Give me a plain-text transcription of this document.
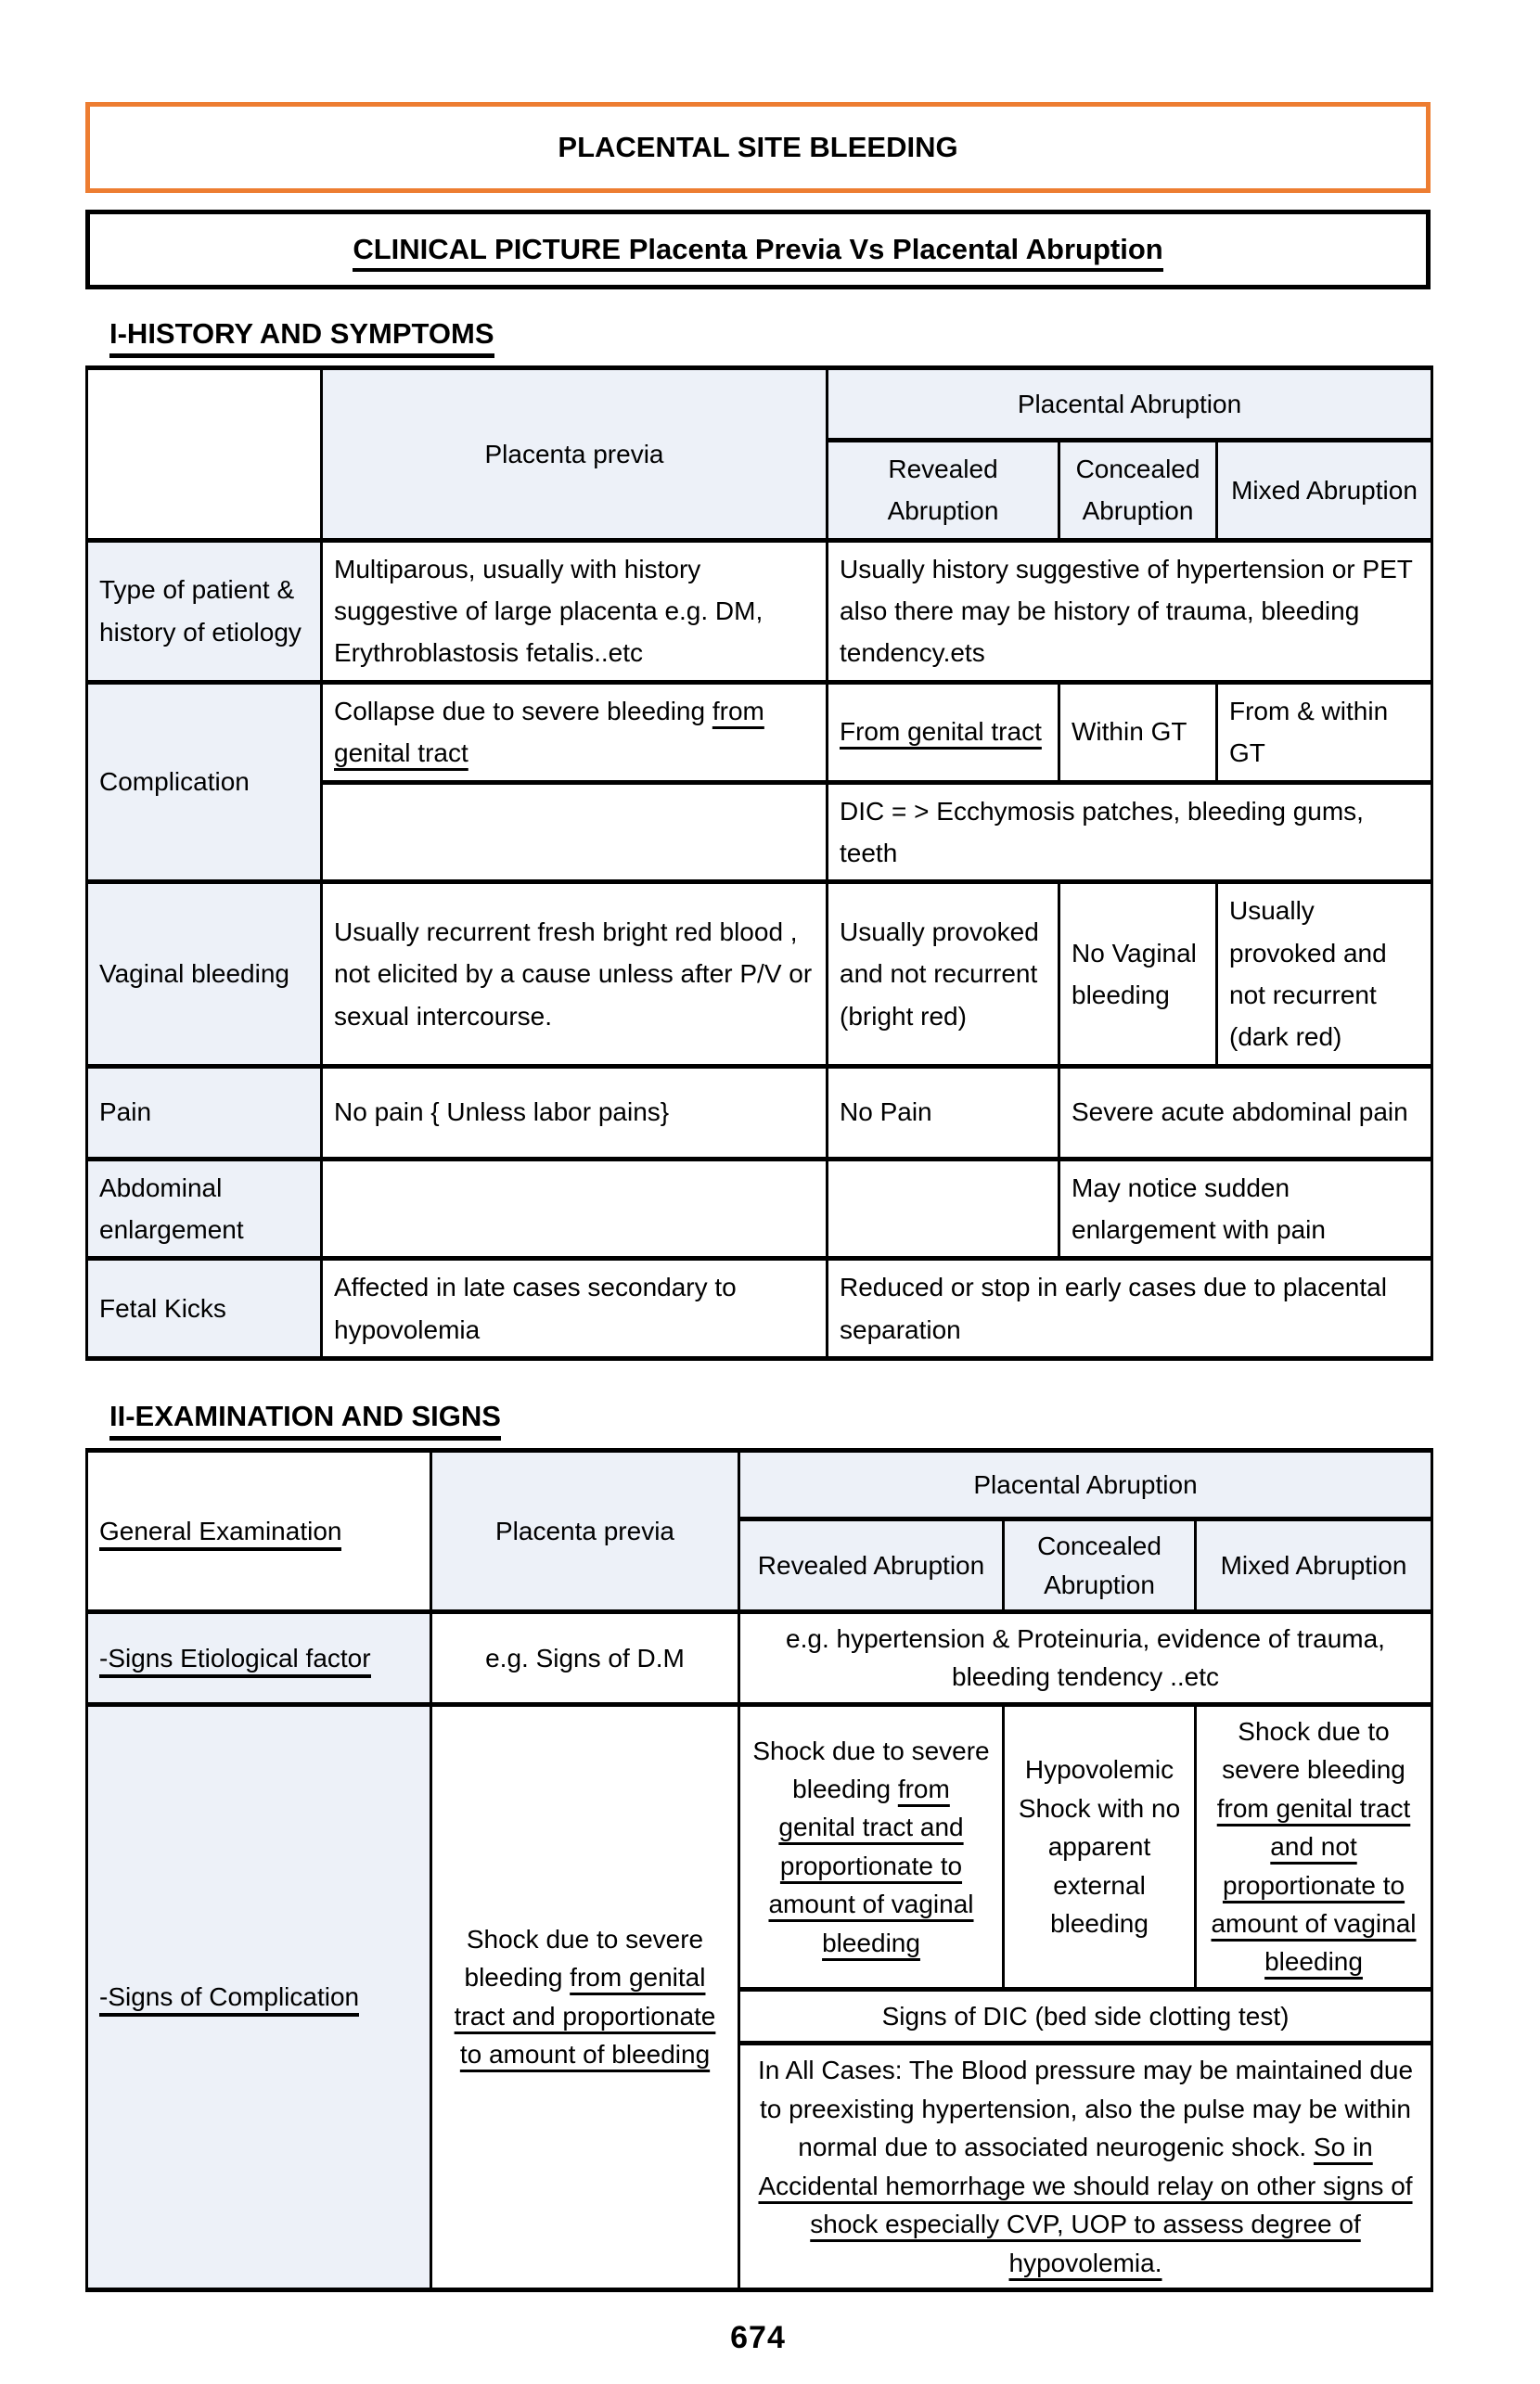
PLACENTAL SITE BLEEDING
CLINICAL PICTURE Placenta Previa Vs Placental Abruption
I-HISTORY AND SYMPTOMS
	Placenta previa	Placental Abruption		
		Revealed Abruption	Concealed Abruption	Mixed Abruption
Type of patient & history of etiology	Multiparous, usually with history suggestive of large placenta e.g. DM, Erythroblastosis fetalis..etc	Usually history suggestive of hypertension or PET also there may be history of trauma, bleeding tendency.ets		
Complication	Collapse due to severe bleeding from genital tract	From genital tract	Within GT	From & within GT
		DIC = > Ecchymosis patches, bleeding gums, teeth		
Vaginal bleeding	Usually recurrent fresh bright red blood , not elicited by a cause unless after P/V or sexual intercourse.	Usually provoked and not recurrent (bright red)	No Vaginal bleeding	Usually provoked and not recurrent (dark red)
Pain	No pain { Unless labor pains}	No Pain	Severe acute abdominal pain	
Abdominal enlargement			May notice sudden enlargement with pain	
Fetal Kicks	Affected in late cases secondary to hypovolemia	Reduced or stop in early cases due to placental separation		
II-EXAMINATION AND SIGNS
General Examination	Placenta previa	Placental Abruption		
		Revealed Abruption	Concealed Abruption	Mixed Abruption
-Signs Etiological factor	e.g. Signs of D.M	e.g. hypertension & Proteinuria, evidence of trauma, bleeding tendency ..etc		
-Signs of Complication	Shock due to severe bleeding from genital tract and proportionate to amount of bleeding	Shock due to severe bleeding from genital tract and proportionate to amount of vaginal bleeding	Hypovolemic Shock with no apparent external bleeding	Shock due to severe bleeding from genital tract and not proportionate to amount of vaginal bleeding
		Signs of DIC (bed side clotting test)		
		In All Cases: The Blood pressure may be maintained due to preexisting hypertension, also the pulse may be within normal due to associated neurogenic shock. So in Accidental hemorrhage we should relay on other signs of shock especially CVP, UOP to assess degree of hypovolemia.		
674
